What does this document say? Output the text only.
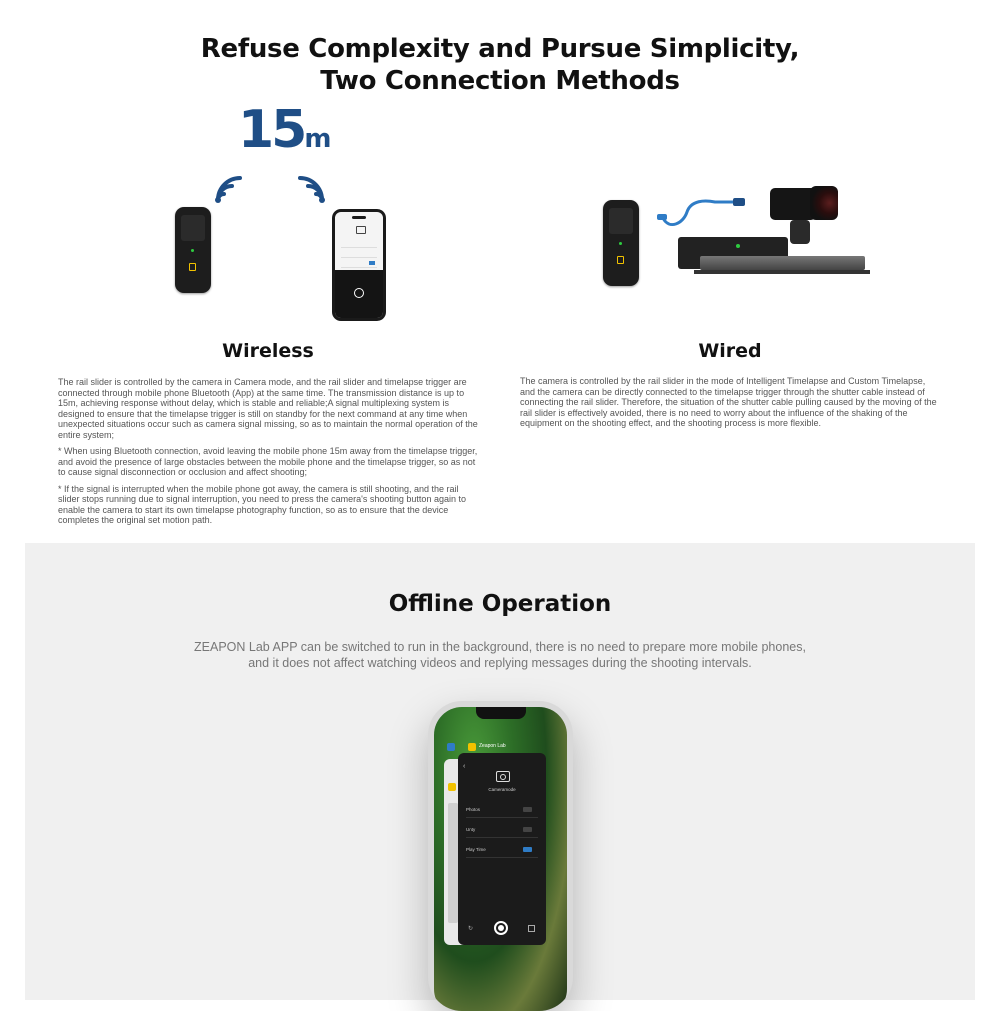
Refuse Complexity and Pursue Simplicity,
Two Connection Methods
15m
Wireless

The rail slider is controlled by the camera in Camera mode, and the rail slider and timelapse trigger are connected through mobile phone Bluetooth (App) at the same time. The transmission distance is up to 15m, achieving response without delay, which is stable and reliable;A signal multiplexing system is designed to ensure that the timelapse trigger is still on standby for the next command at any time when unexpected situations occur such as camera signal missing, so as to maintain the normal operation of the entire system;

* When using Bluetooth connection, avoid leaving the mobile phone 15m away from the timelapse trigger, and avoid the presence of large obstacles between the mobile phone and the timelapse trigger, so as not to cause signal disconnection or occlusion and affect shooting;

* If the signal is interrupted when the mobile phone got away, the camera is still shooting, and the rail slider stops running due to signal interruption, you need to press the camera's shooting button again to enable the camera to start its own timelapse photography function, so as to ensure that the device completes the original set motion path.

Wired

The camera is controlled by the rail slider in the mode of Intelligent Timelapse and Custom Timelapse, and the camera can be directly connected to the timelapse trigger through the shutter cable instead of connecting the rail slider. Therefore, the situation of the shutter cable pulling caused by the moving of the rail slider is effectively avoided, there is no need to worry about the influence of the shaking of the equipment on the shooting effect, and the shooting process is more flexible.

Offline Operation
ZEAPON Lab APP can be switched to run in the background, there is no need to prepare more mobile phones,
and it does not affect watching videos and replying messages during the shooting intervals.
Zeapon Lab
‹
Cameramode
Photos
Unty
Play Time
↻
